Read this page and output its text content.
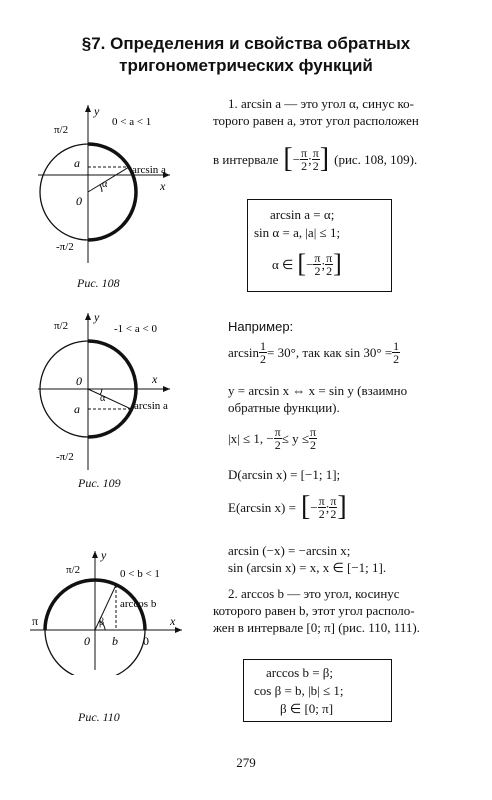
§7. Определения и свойства обратных
тригонометрических функций
π/2
y
0 < a < 1
a
α
arcsin a
x
0
-π/2
Рис. 108
π/2
y
-1 < a < 0
0	x
α
a	arcsin a
-π/2
Рис. 109
π/2
y
0 < b < 1
arccos b
π	β	x
0 b 0
Рис. 110
1. arcsin a — это угол α, синус ко-
торого равен a, этот угол расположен
в интервале [ − $\frac{\pi}{2}$ ; $\frac{\pi}{2}$ ] (рис. 108, 109).
arcsin a = α;
sin α = a, |a| ≤ 1;
α ∈ [ − $\frac{\pi}{2}$ ; $\frac{\pi}{2}$ ]
Например:
$\arcsin \frac{1}{2} = 30^\circ$, так как $\sin 30^\circ = \frac{1}{2}$
y = arcsin x ⇔ x = sin y (взаимно
обратные функции).
|x| ≤ 1, − $\frac{\pi}{2} \le y \le \frac{\pi}{2}$
D(arcsin x) = [−1; 1];
E(arcsin x) = [ − $\frac{\pi}{2}$ ; $\frac{\pi}{2}$ ]
arcsin (−x) = −arcsin x;
sin (arcsin x) = x, x ∈ [−1; 1].
2. arccos b — это угол, косинус
которого равен b, этот угол располо-
жен в интервале [0; π] (рис. 110, 111).
arccos b = β;
cos β = b, |b| ≤ 1;
β ∈ [0; π]
279
